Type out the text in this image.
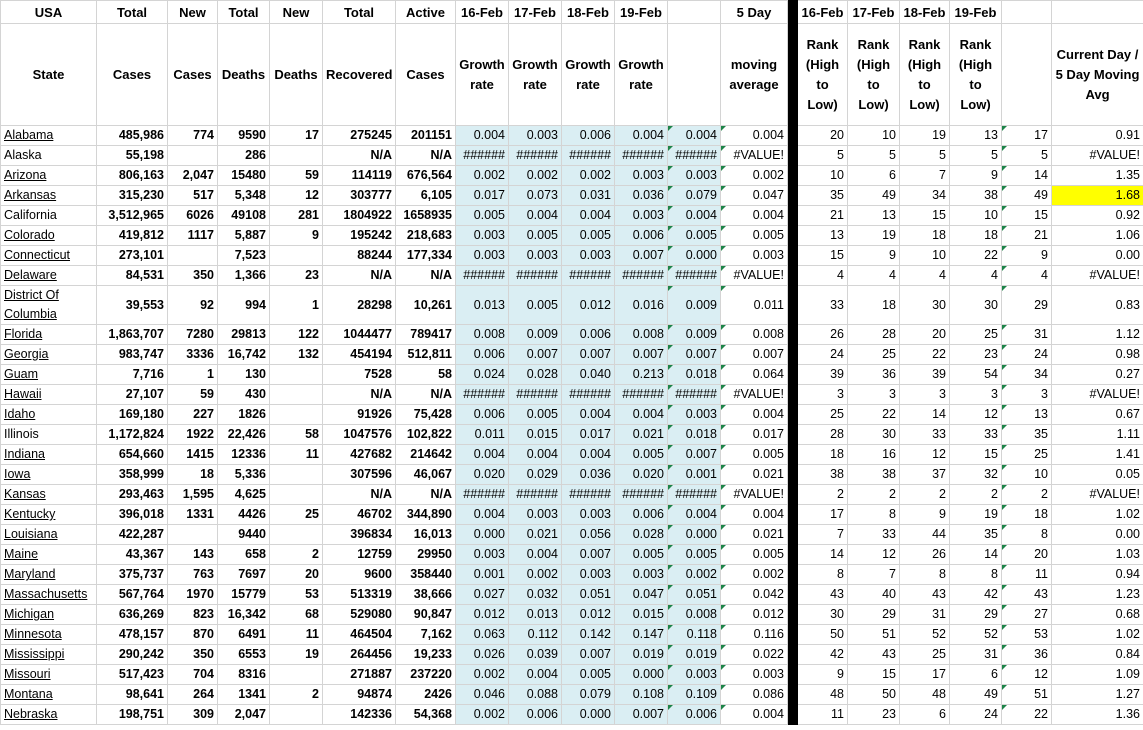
USA	Total	New	Total	New	Total	Active	16-Feb	17-Feb	18-Feb	19-Feb		5 Day		16-Feb	17-Feb	18-Feb	19-Feb		
State	Cases	Cases	Deaths	Deaths	Recovered	Cases	Growth rate	Growth rate	Growth rate	Growth rate		moving average		Rank (High to Low)	Rank (High to Low)	Rank (High to Low)	Rank (High to Low)		Current Day / 5 Day Moving Avg
Alabama	485,986	774	9590	17	275245	201151	0.004	0.003	0.006	0.004	0.004	0.004		20	10	19	13	17	0.91
Alaska	55,198		286		N/A	N/A	######	######	######	######	######	#VALUE!		5	5	5	5	5	#VALUE!
Arizona	806,163	2,047	15480	59	114119	676,564	0.002	0.002	0.002	0.003	0.003	0.002		10	6	7	9	14	1.35
Arkansas	315,230	517	5,348	12	303777	6,105	0.017	0.073	0.031	0.036	0.079	0.047		35	49	34	38	49	1.68
California	3,512,965	6026	49108	281	1804922	1658935	0.005	0.004	0.004	0.003	0.004	0.004		21	13	15	10	15	0.92
Colorado	419,812	1117	5,887	9	195242	218,683	0.003	0.005	0.005	0.006	0.005	0.005		13	19	18	18	21	1.06
Connecticut	273,101		7,523		88244	177,334	0.003	0.003	0.003	0.007	0.000	0.003		15	9	10	22	9	0.00
Delaware	84,531	350	1,366	23	N/A	N/A	######	######	######	######	######	#VALUE!		4	4	4	4	4	#VALUE!
District Of Columbia	39,553	92	994	1	28298	10,261	0.013	0.005	0.012	0.016	0.009	0.011		33	18	30	30	29	0.83
Florida	1,863,707	7280	29813	122	1044477	789417	0.008	0.009	0.006	0.008	0.009	0.008		26	28	20	25	31	1.12
Georgia	983,747	3336	16,742	132	454194	512,811	0.006	0.007	0.007	0.007	0.007	0.007		24	25	22	23	24	0.98
Guam	7,716	1	130		7528	58	0.024	0.028	0.040	0.213	0.018	0.064		39	36	39	54	34	0.27
Hawaii	27,107	59	430		N/A	N/A	######	######	######	######	######	#VALUE!		3	3	3	3	3	#VALUE!
Idaho	169,180	227	1826		91926	75,428	0.006	0.005	0.004	0.004	0.003	0.004		25	22	14	12	13	0.67
Illinois	1,172,824	1922	22,426	58	1047576	102,822	0.011	0.015	0.017	0.021	0.018	0.017		28	30	33	33	35	1.11
Indiana	654,660	1415	12336	11	427682	214642	0.004	0.004	0.004	0.005	0.007	0.005		18	16	12	15	25	1.41
Iowa	358,999	18	5,336		307596	46,067	0.020	0.029	0.036	0.020	0.001	0.021		38	38	37	32	10	0.05
Kansas	293,463	1,595	4,625		N/A	N/A	######	######	######	######	######	#VALUE!		2	2	2	2	2	#VALUE!
Kentucky	396,018	1331	4426	25	46702	344,890	0.004	0.003	0.003	0.006	0.004	0.004		17	8	9	19	18	1.02
Louisiana	422,287		9440		396834	16,013	0.000	0.021	0.056	0.028	0.000	0.021		7	33	44	35	8	0.00
Maine	43,367	143	658	2	12759	29950	0.003	0.004	0.007	0.005	0.005	0.005		14	12	26	14	20	1.03
Maryland	375,737	763	7697	20	9600	358440	0.001	0.002	0.003	0.003	0.002	0.002		8	7	8	8	11	0.94
Massachusetts	567,764	1970	15779	53	513319	38,666	0.027	0.032	0.051	0.047	0.051	0.042		43	40	43	42	43	1.23
Michigan	636,269	823	16,342	68	529080	90,847	0.012	0.013	0.012	0.015	0.008	0.012		30	29	31	29	27	0.68
Minnesota	478,157	870	6491	11	464504	7,162	0.063	0.112	0.142	0.147	0.118	0.116		50	51	52	52	53	1.02
Mississippi	290,242	350	6553	19	264456	19,233	0.026	0.039	0.007	0.019	0.019	0.022		42	43	25	31	36	0.84
Missouri	517,423	704	8316		271887	237220	0.002	0.004	0.005	0.000	0.003	0.003		9	15	17	6	12	1.09
Montana	98,641	264	1341	2	94874	2426	0.046	0.088	0.079	0.108	0.109	0.086		48	50	48	49	51	1.27
Nebraska	198,751	309	2,047		142336	54,368	0.002	0.006	0.000	0.007	0.006	0.004		11	23	6	24	22	1.36
